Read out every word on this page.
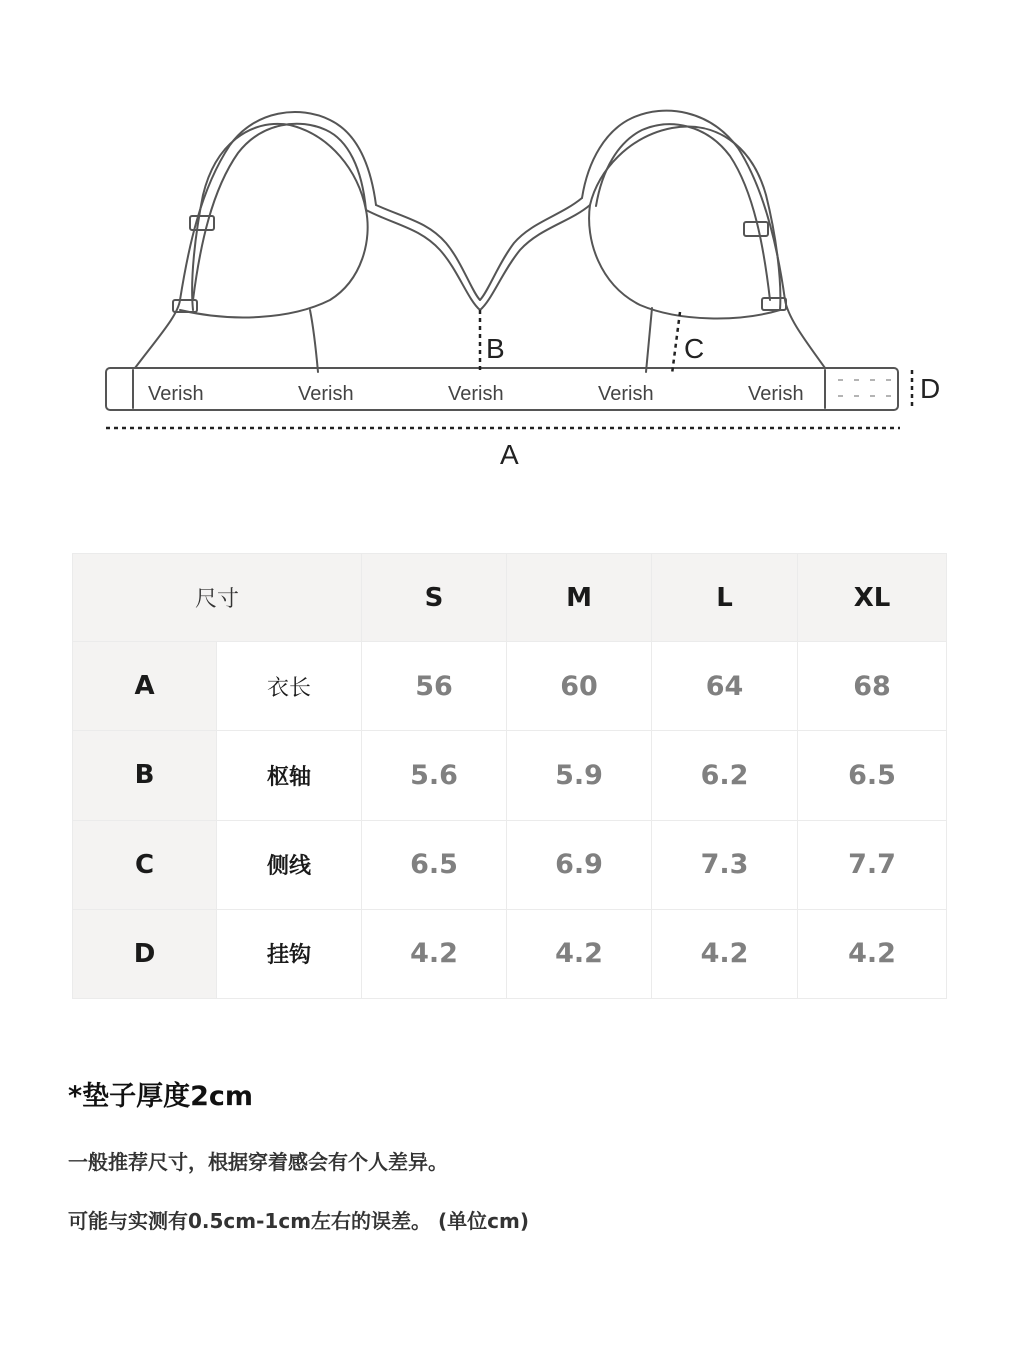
Verish	Verish	Verish	Verish	Verish
A
B	C
D
尺寸		S	M	L	XL
A	衣长	56	60	64	68
B	枢轴	5.6	5.9	6.2	6.5
C	侧线	6.5	6.9	7.3	7.7
D	挂钩	4.2	4.2	4.2	4.2
*垫子厚度2cm
一般推荐尺寸，根据穿着感会有个人差异。
可能与实测有0.5cm-1cm左右的误差。 (单位cm)
